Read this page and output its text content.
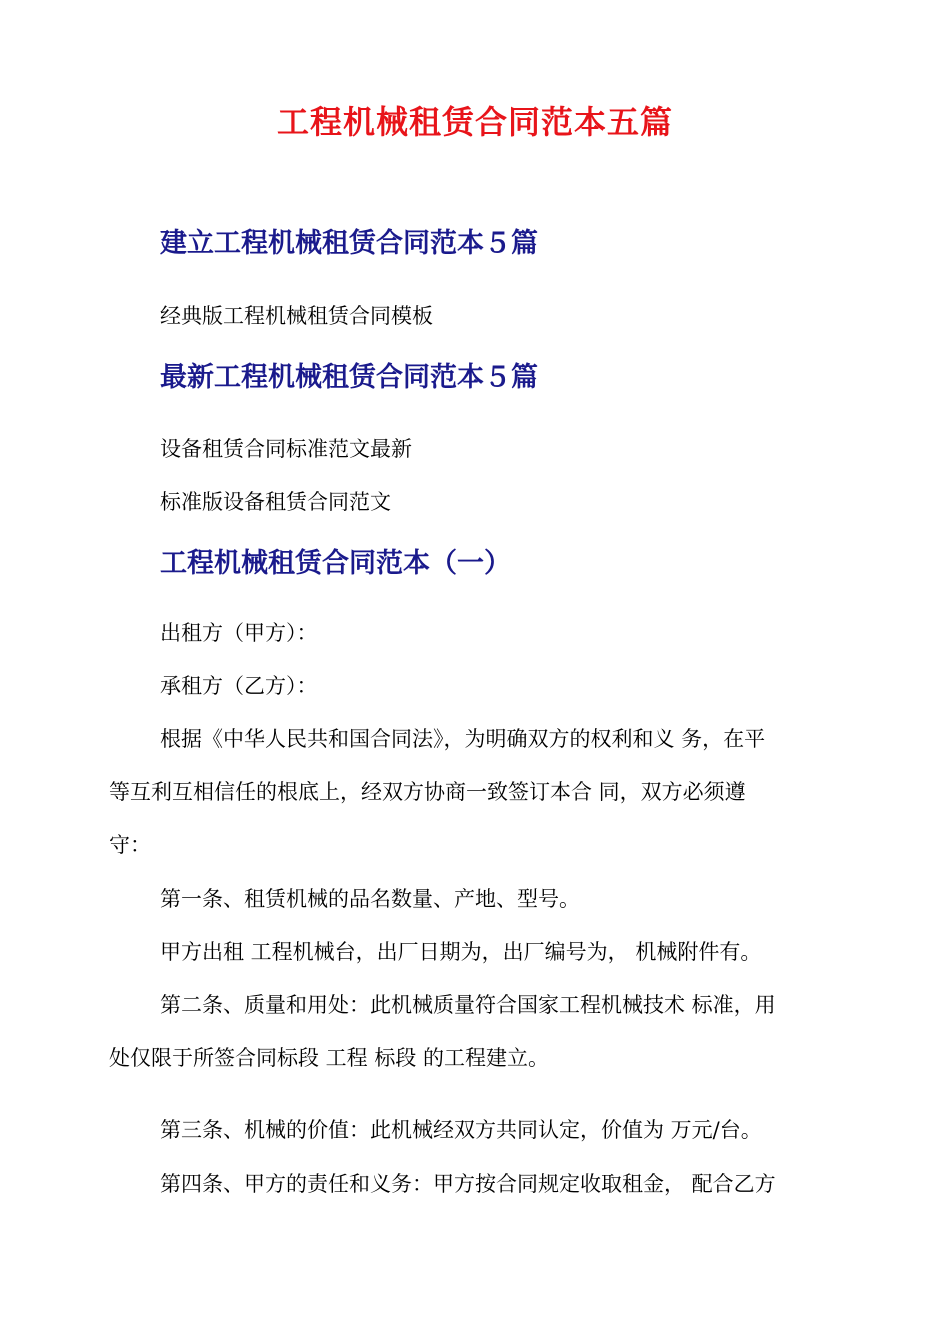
工程机械租赁合同范本五篇
建立工程机械租赁合同范本５篇
经典版工程机械租赁合同模板
最新工程机械租赁合同范本５篇
设备租赁合同标准范文最新
标准版设备租赁合同范文
工程机械租赁合同范本（一）
出租方（甲方）：
承租方（乙方）：
根据《中华人民共和国合同法》，为明确双方的权利和义 务，在平
等互利互相信任的根底上，经双方协商一致签订本合 同，双方必须遵
守：
第一条、租赁机械的品名数量、产地、型号。
甲方出租 工程机械台，出厂日期为，出厂编号为， 机械附件有。
第二条、质量和用处：此机械质量符合国家工程机械技术 标准，用
处仅限于所签合同标段 工程 标段 的工程建立。
第三条、机械的价值：此机械经双方共同认定，价值为 万元/台。
第四条、甲方的责任和义务：甲方按合同规定收取租金， 配合乙方
